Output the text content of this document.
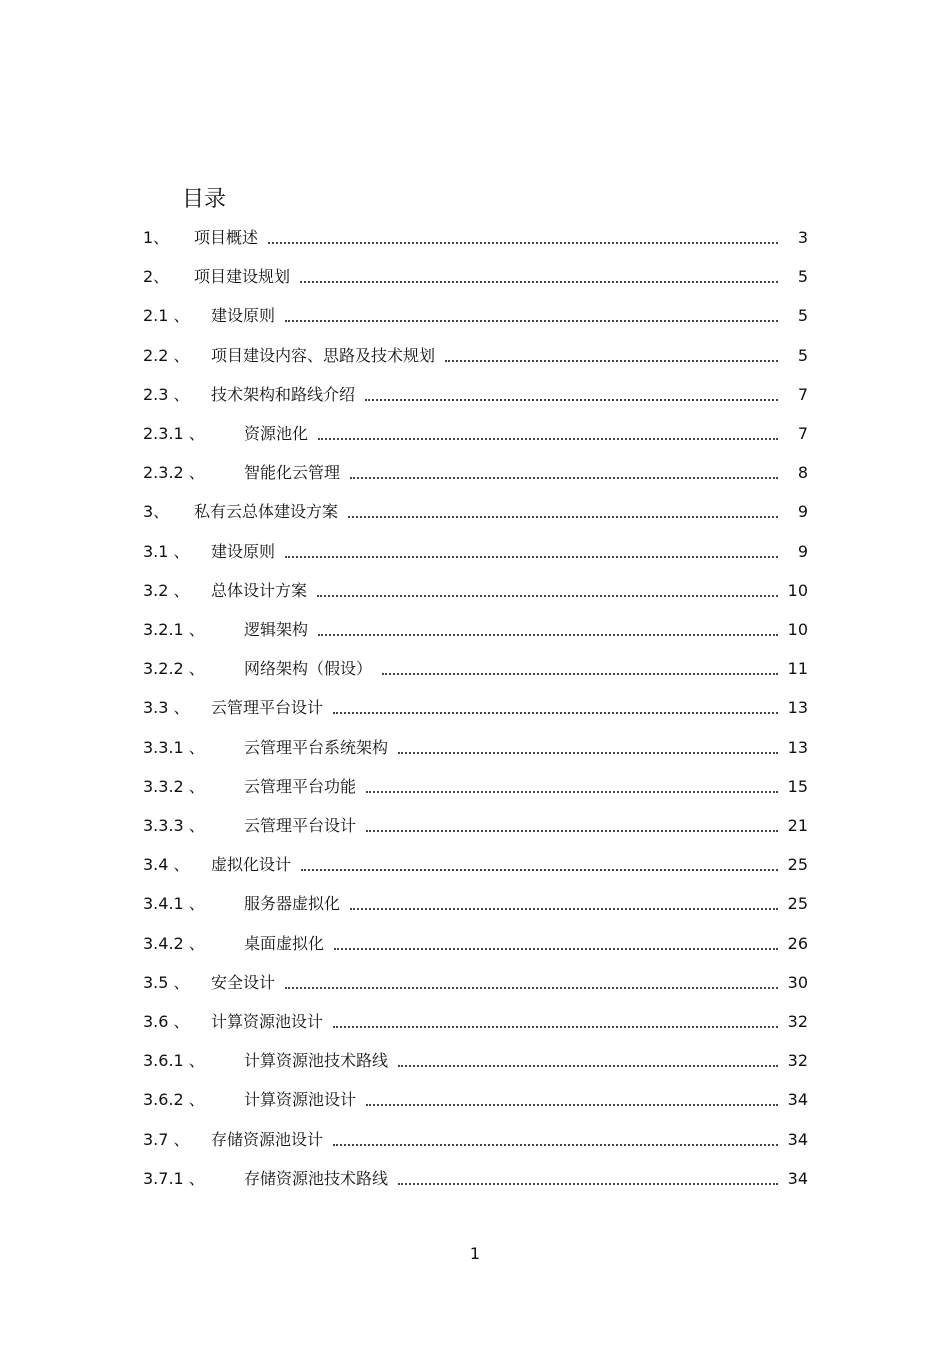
目录
1、	项目概述	3
2、	项目建设规划	5
2.1 、	建设原则	5
2.2 、	项目建设内容、思路及技术规划	5
2.3 、	技术架构和路线介绍	7
2.3.1 、	资源池化	7
2.3.2 、	智能化云管理	8
3、	私有云总体建设方案	9
3.1 、	建设原则	9
3.2 、	总体设计方案	10
3.2.1 、	逻辑架构	10
3.2.2 、	网络架构（假设）	11
3.3 、	云管理平台设计	13
3.3.1 、	云管理平台系统架构	13
3.3.2 、	云管理平台功能	15
3.3.3 、	云管理平台设计	21
3.4 、	虚拟化设计	25
3.4.1 、	服务器虚拟化	25
3.4.2 、	桌面虚拟化	26
3.5 、	安全设计	30
3.6 、	计算资源池设计	32
3.6.1 、	计算资源池技术路线	32
3.6.2 、	计算资源池设计	34
3.7 、	存储资源池设计	34
3.7.1 、	存储资源池技术路线	34
1
